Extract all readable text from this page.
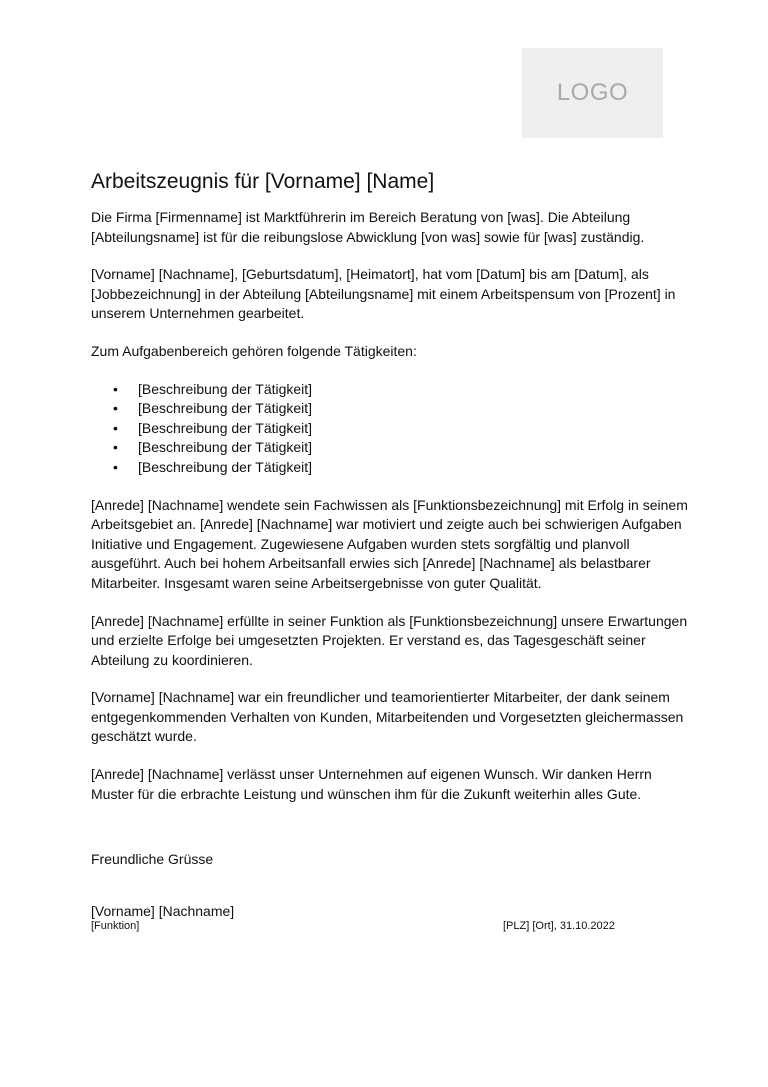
LOGO
Arbeitszeugnis für [Vorname] [Name]

Die Firma [Firmenname] ist Marktführerin im Bereich Beratung von [was]. Die Abteilung [Abteilungsname] ist für die reibungslose Abwicklung [von was] sowie für [was] zuständig.

[Vorname] [Nachname], [Geburtsdatum], [Heimatort], hat vom [Datum] bis am [Datum], als [Jobbezeichnung] in der Abteilung [Abteilungsname] mit einem Arbeitspensum von [Prozent] in unserem Unternehmen gearbeitet.

Zum Aufgabenbereich gehören folgende Tätigkeiten:

• [Beschreibung der Tätigkeit]
• [Beschreibung der Tätigkeit]
• [Beschreibung der Tätigkeit]
• [Beschreibung der Tätigkeit]
• [Beschreibung der Tätigkeit]

[Anrede] [Nachname] wendete sein Fachwissen als [Funktionsbezeichnung] mit Erfolg in seinem Arbeitsgebiet an. [Anrede] [Nachname] war motiviert und zeigte auch bei schwierigen Aufgaben Initiative und Engagement. Zugewiesene Aufgaben wurden stets sorgfältig und planvoll ausgeführt. Auch bei hohem Arbeitsanfall erwies sich [Anrede] [Nachname] als belastbarer Mitarbeiter. Insgesamt waren seine Arbeitsergebnisse von guter Qualität.

[Anrede] [Nachname] erfüllte in seiner Funktion als [Funktionsbezeichnung] unsere Erwartungen und erzielte Erfolge bei umgesetzten Projekten. Er verstand es, das Tagesgeschäft seiner Abteilung zu koordinieren.

[Vorname] [Nachname] war ein freundlicher und teamorientierter Mitarbeiter, der dank seinem entgegenkommenden Verhalten von Kunden, Mitarbeitenden und Vorgesetzten gleichermassen geschätzt wurde.

[Anrede] [Nachname] verlässt unser Unternehmen auf eigenen Wunsch. Wir danken Herrn Muster für die erbrachte Leistung und wünschen ihm für die Zukunft weiterhin alles Gute.

Freundliche Grüsse
[Vorname] [Nachname]
[Funktion]	[PLZ] [Ort], 31.10.2022
